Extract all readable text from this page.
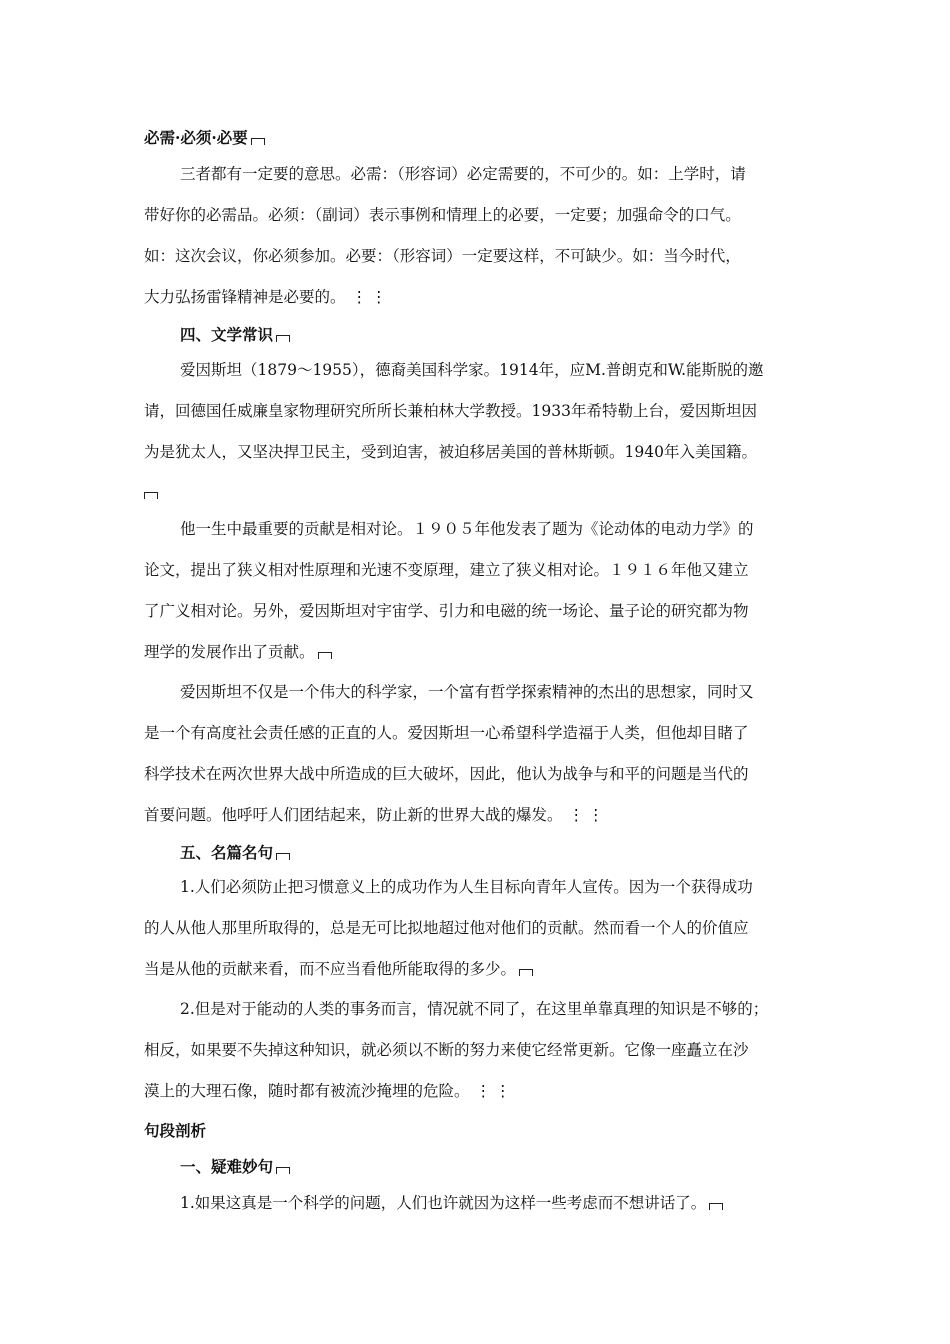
必需·必须·必要
三者都有一定要的意思。必需：（形容词）必定需要的，不可少的。如：上学时，请
带好你的必需品。必须：（副词）表示事例和情理上的必要，一定要；加强命令的口气。
如：这次会议，你必须参加。必要：（形容词）一定要这样，不可缺少。如：当今时代，
大力弘扬雷锋精神是必要的。 ⋮⋮
四、文学常识
爱因斯坦（1879～1955），德裔美国科学家。1914年，应M.普朗克和W.能斯脱的邀
请，回德国任威廉皇家物理研究所所长兼柏林大学教授。1933年希特勒上台，爱因斯坦因
为是犹太人，又坚决捍卫民主，受到迫害，被迫移居美国的普林斯顿。1940年入美国籍。
他一生中最重要的贡献是相对论。１９０５年他发表了题为《论动体的电动力学》的
论文，提出了狭义相对性原理和光速不变原理，建立了狭义相对论。１９１６年他又建立
了广义相对论。另外，爱因斯坦对宇宙学、引力和电磁的统一场论、量子论的研究都为物
理学的发展作出了贡献。
爱因斯坦不仅是一个伟大的科学家，一个富有哲学探索精神的杰出的思想家，同时又
是一个有高度社会责任感的正直的人。爱因斯坦一心希望科学造福于人类，但他却目睹了
科学技术在两次世界大战中所造成的巨大破坏，因此，他认为战争与和平的问题是当代的
首要问题。他呼吁人们团结起来，防止新的世界大战的爆发。 ⋮⋮
五、名篇名句
1.人们必须防止把习惯意义上的成功作为人生目标向青年人宣传。因为一个获得成功
的人从他人那里所取得的，总是无可比拟地超过他对他们的贡献。然而看一个人的价值应
当是从他的贡献来看，而不应当看他所能取得的多少。
2.但是对于能动的人类的事务而言，情况就不同了，在这里单靠真理的知识是不够的；
相反，如果要不失掉这种知识，就必须以不断的努力来使它经常更新。它像一座矗立在沙
漠上的大理石像，随时都有被流沙掩埋的危险。 ⋮⋮
句段剖析
一、疑难妙句
1.如果这真是一个科学的问题，人们也许就因为这样一些考虑而不想讲话了。
